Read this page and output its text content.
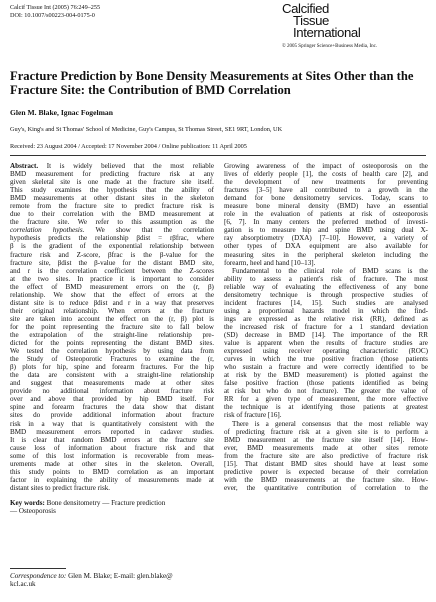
Calcif Tissue Int (2005) 76:249–255
DOI: 10.1007/s00223-004-0175-0	Calcified
Tissue
International
© 2005 Springer Science+Business Media, Inc.
Fracture Prediction by Bone Density Measurements at Sites Other than the Fracture Site: the Contribution of BMD Correlation
Glen M. Blake, Ignac Fogelman
Guy's, King's and St Thomas' School of Medicine, Guy's Campus, St Thomas Street, SE1 9RT, London, UK
Received: 23 August 2004 / Accepted: 17 November 2004 / Online publication: 11 April 2005
Abstract. It is widely believed that the most reliable
BMD measurement for predicting fracture risk at any
given skeletal site is one made at the fracture site itself.
This study examines the hypothesis that the ability of
BMD measurements at other distant sites in the skeleton
remote from the fracture site to predict fracture risk is
due to their correlation with the BMD measurement at
the fracture site. We refer to this assumption as the
correlation hypothesis. We show that the correlation
hypothesis predicts the relationship βdist = rβfrac, where
β is the gradient of the exponential relationship between
fracture risk and Z-score, βfrac is the β-value for the
fracture site, βdist the β-value for the distant BMD site,
and r is the correlation coefficient between the Z-scores
at the two sites. In practice it is important to consider
the effect of BMD measurement errors on the (r, β)
relationship. We show that the effect of errors at the
distant site is to reduce βdist and r in a way that preserves
their original relationship. When errors at the fracture
site are taken into account the effect on the (r, β) plot is
for the point representing the fracture site to fall below
the extrapolation of the straight-line relationship pre-
dicted for the points representing the distant BMD sites.
We tested the correlation hypothesis by using data from
the Study of Osteoporotic Fractures to examine the (r,
β) plots for hip, spine and forearm fractures. For the hip
the data are consistent with a straight-line relationship
and suggest that measurements made at other sites
provide no additional information about fracture risk
over and above that provided by hip BMD itself. For
spine and forearm fractures the data show that distant
sites do provide additional information about fracture
risk in a way that is quantitatively consistent with the
BMD measurement errors reported in cadaver studies.
It is clear that random BMD errors at the fracture site
cause loss of information about fracture risk and that
some of this lost information is recoverable from meas-
urements made at other sites in the skeleton. Overall,
this study points to BMD correlation as an important
factor in explaining the ability of measurements made at
distant sites to predict fracture risk.
Key words: Bone densitometry — Fracture prediction
— Osteoporosis
Correspondence to: Glen M. Blake; E-mail: glen.blake@
kcl.ac.uk
Growing awareness of the impact of osteoporosis on the
lives of elderly people [1], the costs of health care [2], and
the development of new treatments for preventing
fractures [3–5] have all contributed to a growth in the
demand for bone densitometry services. Today, scans to
measure bone mineral density (BMD) have an essential
role in the evaluation of patients at risk of osteoporosis
[6, 7]. In many centers the preferred method of investi-
gation is to measure hip and spine BMD using dual X-
ray absorptiometry (DXA) [7–10]. However, a variety of
other types of DXA equipment are also available for
measuring sites in the peripheral skeleton including the
forearm, heel and hand [10–13].
Fundamental to the clinical role of BMD scans is the
ability to assess a patient's risk of fracture. The most
reliable way of evaluating the effectiveness of any bone
densitometry technique is through prospective studies of
incident fractures [14, 15]. Such studies are analysed
using a proportional hazards model in which the find-
ings are expressed as the relative risk (RR), defined as
the increased risk of fracture for a 1 standard deviation
(SD) decrease in BMD [14]. The importance of the RR
value is apparent when the results of fracture studies are
expressed using receiver operating characteristic (ROC)
curves in which the true positive fraction (those patients
who sustain a fracture and were correctly identified to be
at risk by the BMD measurement) is plotted against the
false positive fraction (those patients identified as being
at risk but who do not fracture). The greater the value of
RR for a given type of measurement, the more effective
the technique is at identifying those patients at greatest
risk of fracture [16].
There is a general consensus that the most reliable way
of predicting fracture risk at a given site is to perform a
BMD measurement at the fracture site itself [14]. How-
ever, BMD measurements made at other sites remote
from the fracture site are also predictive of fracture risk
[15]. That distant BMD sites should have at least some
predictive power is expected because of their correlation
with the BMD measurements at the fracture site. How-
ever, the quantitative contribution of correlation to the
